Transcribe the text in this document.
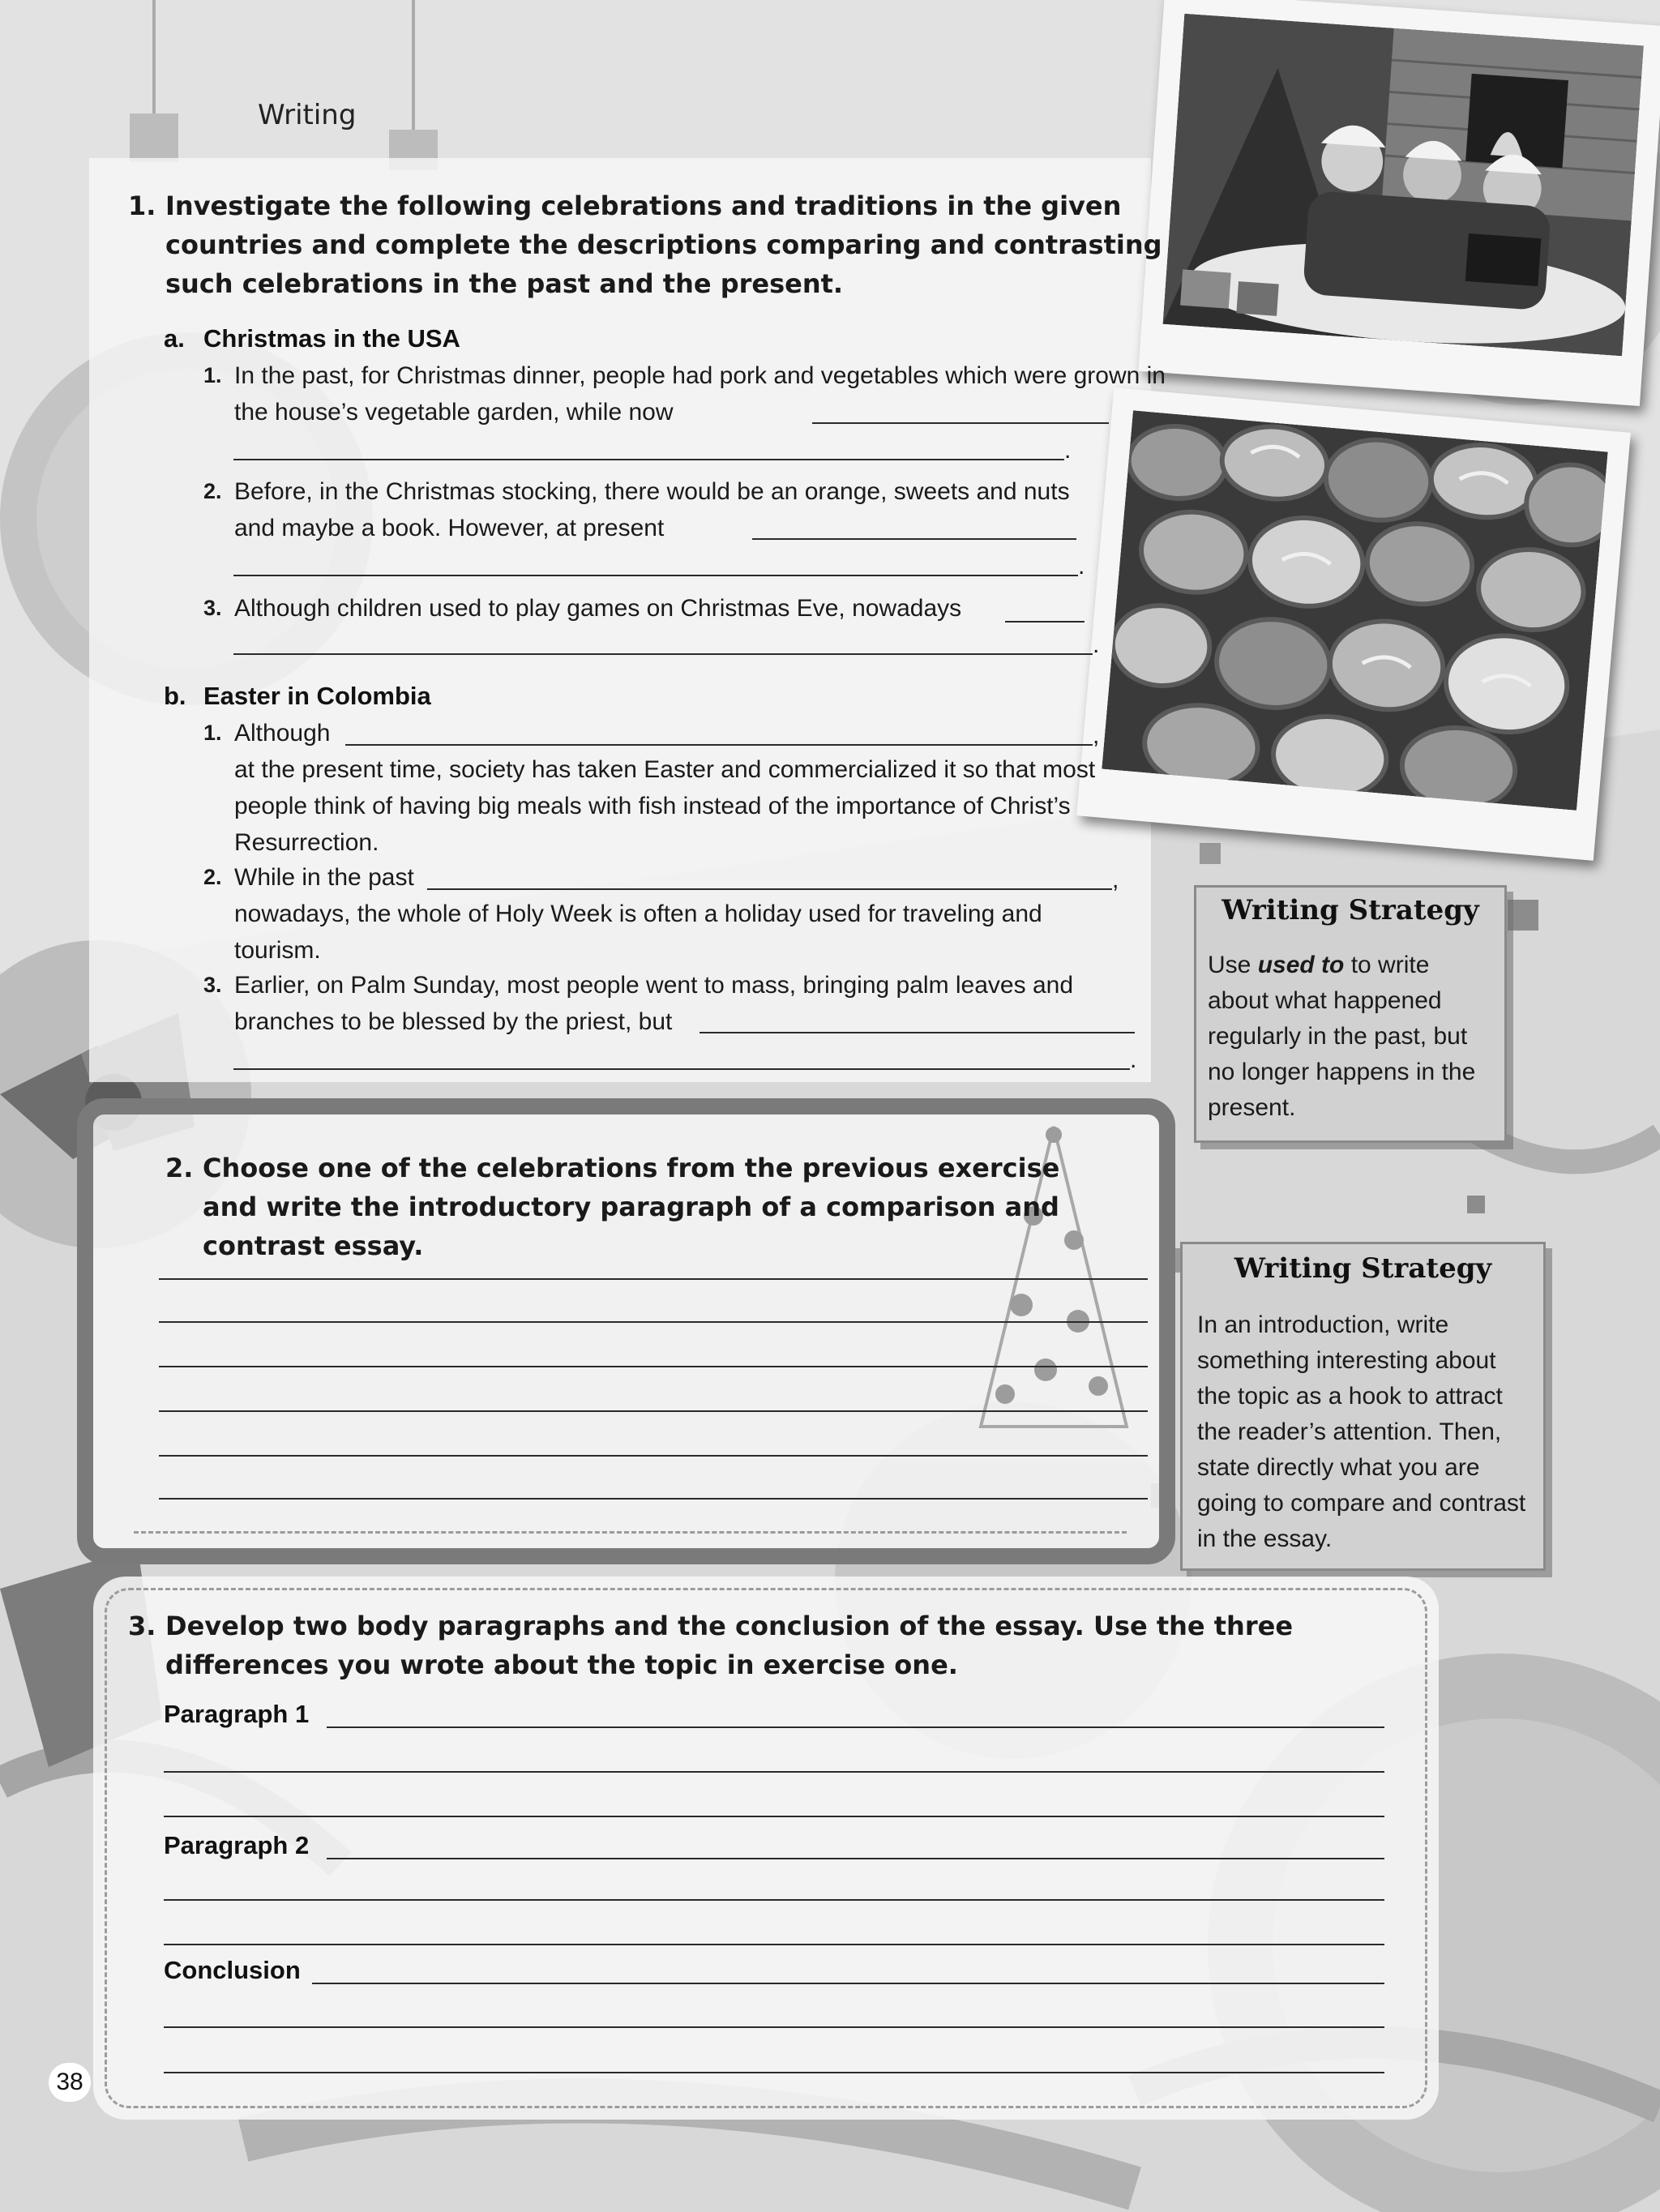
Writing
1. Investigate the following celebrations and traditions in the given countries and complete the descriptions comparing and contrasting such celebrations in the past and the present.
a. Christmas in the USA
1. In the past, for Christmas dinner, people had pork and vegetables which were grown in the house’s vegetable garden, while now
.
2. Before, in the Christmas stocking, there would be an orange, sweets and nuts and maybe a book. However, at present
.
3. Although children used to play games on Christmas Eve, nowadays
.
b. Easter in Colombia
1. Although	,
at the present time, society has taken Easter and commercialized it so that most people think of having big meals with fish instead of the importance of Christ’s Resurrection.
2. While in the past	,
nowadays, the whole of Holy Week is often a holiday used for traveling and tourism.
3. Earlier, on Palm Sunday, most people went to mass, bringing palm leaves and branches to be blessed by the priest, but
.
Writing Strategy
Use used to to write about what happened regularly in the past, but no longer happens in the present.
2. Choose one of the celebrations from the previous exercise and write the introductory paragraph of a comparison and contrast essay.
Writing Strategy
In an introduction, write something interesting about the topic as a hook to attract the reader’s attention. Then, state directly what you are going to compare and contrast in the essay.
3. Develop two body paragraphs and the conclusion of the essay. Use the three differences you wrote about the topic in exercise one.
Paragraph 1
Paragraph 2
Conclusion
38
